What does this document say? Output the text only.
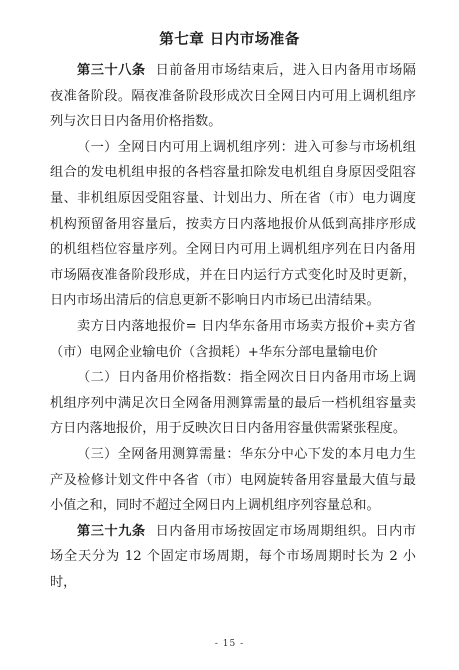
第七章 日内市场准备

第三十八条 日前备用市场结束后，进入日内备用市场隔夜准备阶段。隔夜准备阶段形成次日全网日内可用上调机组序列与次日日内备用价格指数。

（一）全网日内可用上调机组序列：进入可参与市场机组组合的发电机组申报的各档容量扣除发电机组自身原因受阻容量、非机组原因受阻容量、计划出力、所在省（市）电力调度机构预留备用容量后，按卖方日内落地报价从低到高排序形成的机组档位容量序列。全网日内可用上调机组序列在日内备用市场隔夜准备阶段形成，并在日内运行方式变化时及时更新，日内市场出清后的信息更新不影响日内市场已出清结果。

卖方日内落地报价= 日内华东备用市场卖方报价+卖方省（市）电网企业输电价（含损耗）+华东分部电量输电价

（二）日内备用价格指数：指全网次日日内备用市场上调机组序列中满足次日全网备用测算需量的最后一档机组容量卖方日内落地报价，用于反映次日日内备用容量供需紧张程度。

（三）全网备用测算需量：华东分中心下发的本月电力生产及检修计划文件中各省（市）电网旋转备用容量最大值与最小值之和，同时不超过全网日内上调机组序列容量总和。

第三十九条 日内备用市场按固定市场周期组织。日内市场全天分为 12 个固定市场周期，每个市场周期时长为 2 小时，

- 15 -
